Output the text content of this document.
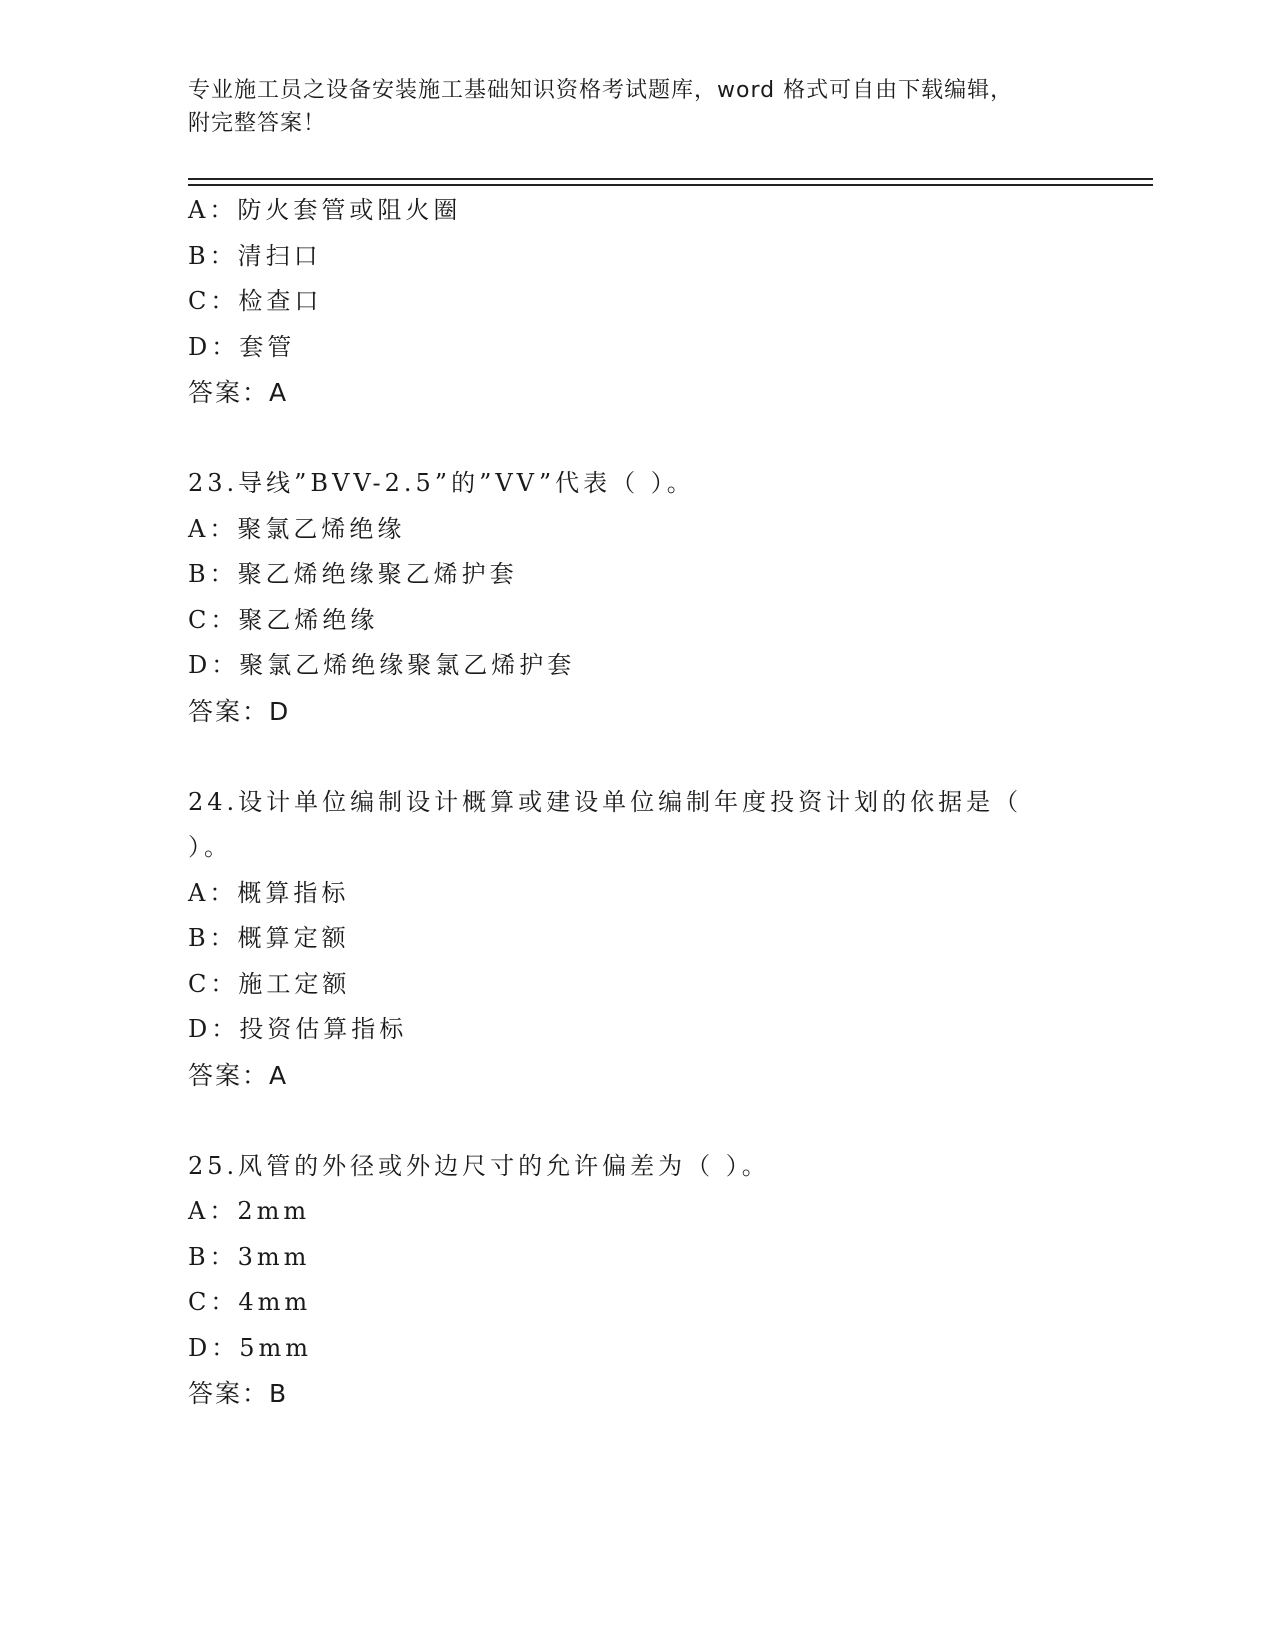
专业施工员之设备安装施工基础知识资格考试题库，word 格式可自由下载编辑，
附完整答案！
A：防火套管或阻火圈
B：清扫口
C：检查口
D：套管
答案：A
23.导线”BVV-2.5”的”VV”代表（ ）。
A：聚氯乙烯绝缘
B：聚乙烯绝缘聚乙烯护套
C：聚乙烯绝缘
D：聚氯乙烯绝缘聚氯乙烯护套
答案：D
24.设计单位编制设计概算或建设单位编制年度投资计划的依据是（
）。
A：概算指标
B：概算定额
C：施工定额
D：投资估算指标
答案：A
25.风管的外径或外边尺寸的允许偏差为（ ）。
A：2mm
B：3mm
C：4mm
D：5mm
答案：B
